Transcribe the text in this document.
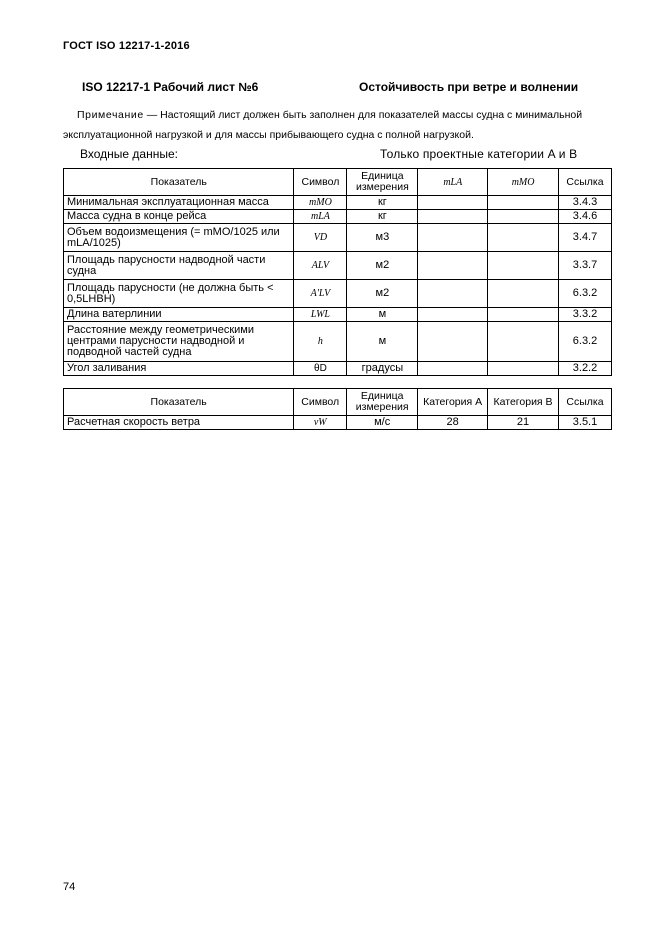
ГОСТ ISO 12217-1-2016
ISO 12217-1 Рабочий лист №6	Остойчивость при ветре и волнении
Примечание — Настоящий лист должен быть заполнен для показателей массы судна с минимальной эксплуатационной нагрузкой и для массы прибывающего судна с полной нагрузкой.
Входные данные:	Только проектные категории A и B
Показатель	Символ	Единица измерения	mLA	mMO	Ссылка
Минимальная эксплуатационная масса	mMO	кг			3.4.3
Масса судна в конце рейса	mLA	кг			3.4.6
Объем водоизмещения (= mMO/1025 или mLA/1025)	VD	м3			3.4.7
Площадь парусности надводной части судна	ALV	м2			3.3.7
Площадь парусности (не должна быть < 0,5LHBH)	A'LV	м2			6.3.2
Длина ватерлинии	LWL	м			3.3.2
Расстояние между геометрическими центрами парусности надводной и подводной частей судна	h	м			6.3.2
Угол заливания	θD	градусы			3.2.2
Показатель	Символ	Единица измерения	Категория A	Категория B	Ссылка
Расчетная скорость ветра	vW	м/с	28	21	3.5.1
74
